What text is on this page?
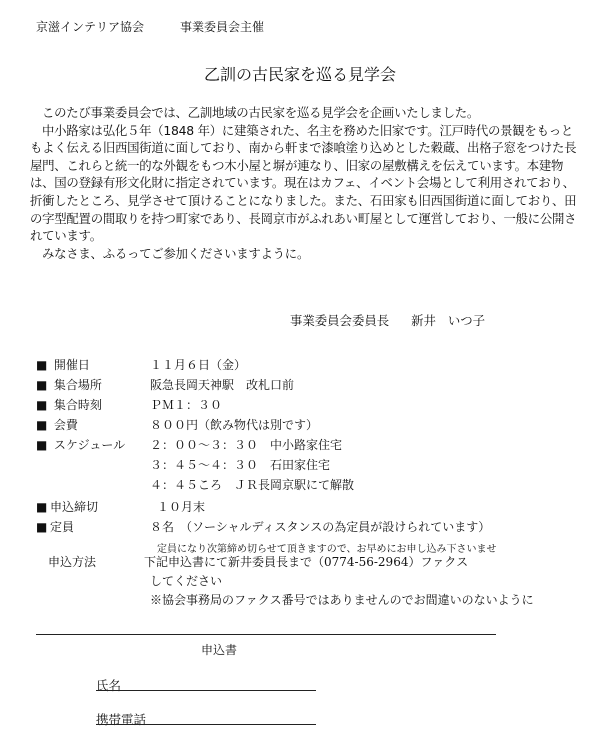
京滋インテリア協会	事業委員会主催
乙訓の古民家を巡る見学会

このたび事業委員会では、乙訓地域の古民家を巡る見学会を企画いたしました。

中小路家は弘化５年（1848 年）に建築された、名主を務めた旧家です。江戸時代の景観をもっともよく伝える旧西国街道に面しており、南から軒まで漆喰塗り込めとした穀蔵、出格子窓をつけた長屋門、これらと統一的な外観をもつ木小屋と塀が連なり、旧家の屋敷構えを伝えています。本建物は、国の登録有形文化財に指定されています。現在はカフェ、イベント会場として利用されており、折衝したところ、見学させて頂けることになりました。また、石田家も旧西国街道に面しており、田の字型配置の間取りを持つ町家であり、長岡京市がふれあい町屋として運営しており、一般に公開されています。

みなさま、ふるってご参加くださいますように。

事業委員会委員長 新井 いつ子
■ 開催日	１１月６日（金）
■ 集合場所	阪急長岡天神駅　改札口前
■ 集合時刻	ＰＭ１：３０
■ 会費	８００円（飲み物代は別です）
■ スケジュール ２：００～３：３０　中小路家住宅
３：４５～４：３０　石田家住宅
４：４５ころ　ＪＲ長岡京駅にて解散
■ 申込締切	１０月末
■ 定員	８名　（ソーシャルディスタンスの為定員が設けられています）
定員になり次第締め切らせて頂きますので、お早めにお申し込み下さいませ
申込方法	下記申込書にて新井委員長まで（0774-56-2964）ファクス
してください
※協会事務局のファクス番号ではありませんのでお間違いのないように
申込書
氏名
携帯電話
